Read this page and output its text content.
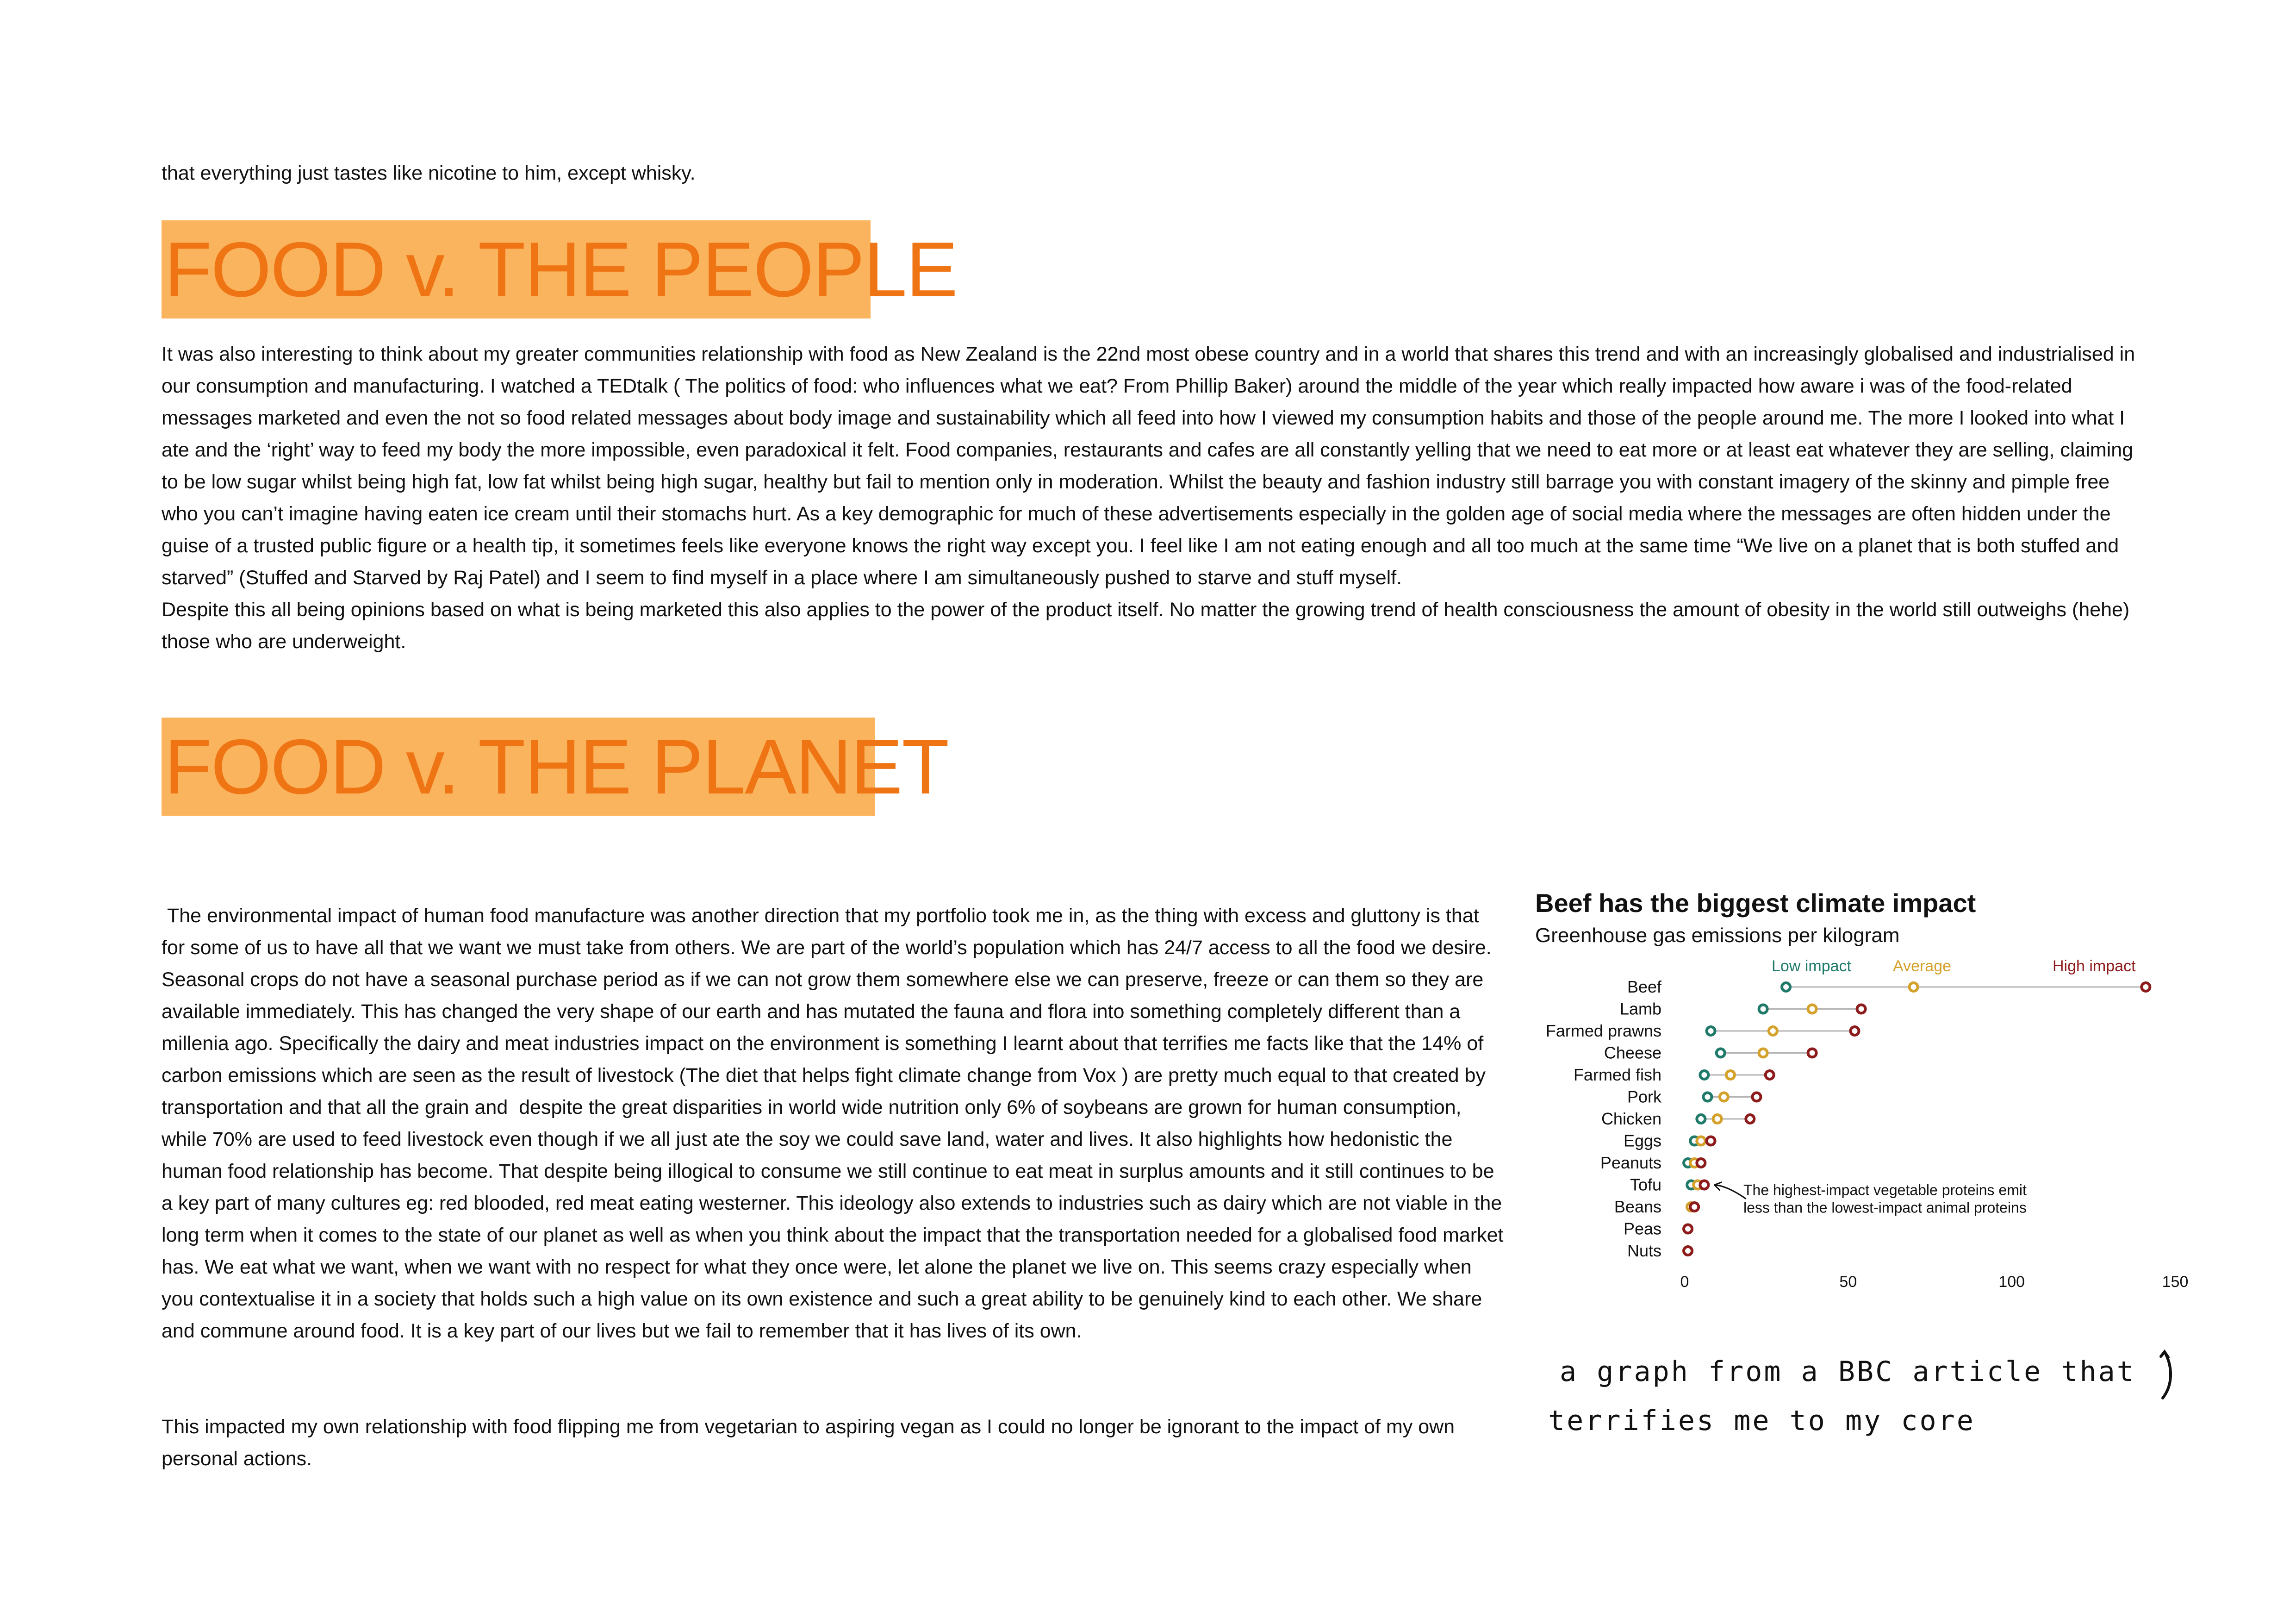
that everything just tastes like nicotine to him, except whisky.
FOOD v. THE PEOPLE

It was also interesting to think about my greater communities relationship with food as New Zealand is the 22nd most obese country and in a world that shares this trend and with an increasingly globalised and industrialised in our consumption and manufacturing. I watched a TEDtalk ( The politics of food: who influences what we eat? From Phillip Baker) around the middle of the year which really impacted how aware i was of the food-related messages marketed and even the not so food related messages about body image and sustainability which all feed into how I viewed my consumption habits and those of the people around me. The more I looked into what I ate and the ‘right’ way to feed my body the more impossible, even paradoxical it felt. Food companies, restaurants and cafes are all constantly yelling that we need to eat more or at least eat whatever they are selling, claiming to be low sugar whilst being high fat, low fat whilst being high sugar, healthy but fail to mention only in moderation. Whilst the beauty and fashion industry still barrage you with constant imagery of the skinny and pimple free who you can’t imagine having eaten ice cream until their stomachs hurt. As a key demographic for much of these advertisements especially in the golden age of social media where the messages are often hidden under the guise of a trusted public figure or a health tip, it sometimes feels like everyone knows the right way except you. I feel like I am not eating enough and all too much at the same time “We live on a planet that is both stuffed and starved” (Stuffed and Starved by Raj Patel) and I seem to find myself in a place where I am simultaneously pushed to starve and stuff myself.

Despite this all being opinions based on what is being marketed this also applies to the power of the product itself. No matter the growing trend of health consciousness the amount of obesity in the world still outweighs (hehe) those who are underweight.

FOOD v. THE PLANET

The environmental impact of human food manufacture was another direction that my portfolio took me in, as the thing with excess and gluttony is that for some of us to have all that we want we must take from others. We are part of the world’s population which has 24/7 access to all the food we desire. Seasonal crops do not have a seasonal purchase period as if we can not grow them somewhere else we can preserve, freeze or can them so they are available immediately. This has changed the very shape of our earth and has mutated the fauna and flora into something completely different than a millenia ago. Specifically the dairy and meat industries impact on the environment is something I learnt about that terrifies me facts like that the 14% of carbon emissions which are seen as the result of livestock (The diet that helps fight climate change from Vox ) are pretty much equal to that created by transportation and that all the grain and  despite the great disparities in world wide nutrition only 6% of soybeans are grown for human consumption, while 70% are used to feed livestock even though if we all just ate the soy we could save land, water and lives. It also highlights how hedonistic the human food relationship has become. That despite being illogical to consume we still continue to eat meat in surplus amounts and it still continues to be a key part of many cultures eg: red blooded, red meat eating westerner. This ideology also extends to industries such as dairy which are not viable in the long term when it comes to the state of our planet as well as when you think about the impact that the transportation needed for a globalised food market has. We eat what we want, when we want with no respect for what they once were, let alone the planet we live on. This seems crazy especially when you contextualise it in a society that holds such a high value on its own existence and such a great ability to be genuinely kind to each other. We share and commune around food. It is a key part of our lives but we fail to remember that it has lives of its own.

This impacted my own relationship with food flipping me from vegetarian to aspiring vegan as I could no longer be ignorant to the impact of my own personal actions.

Beef has the biggest climate impact
Greenhouse gas emissions per kilogram
Low impact	Average	High impact
Beef
Lamb
Farmed prawns
Cheese
Farmed fish
Pork
Chicken
Eggs
Peanuts
Tofu
Beans
Peas
Nuts
0	50	100	150
The highest-impact vegetable proteins emit
less than the lowest-impact animal proteins
a graph from a BBC article that
terrifies me to my core
